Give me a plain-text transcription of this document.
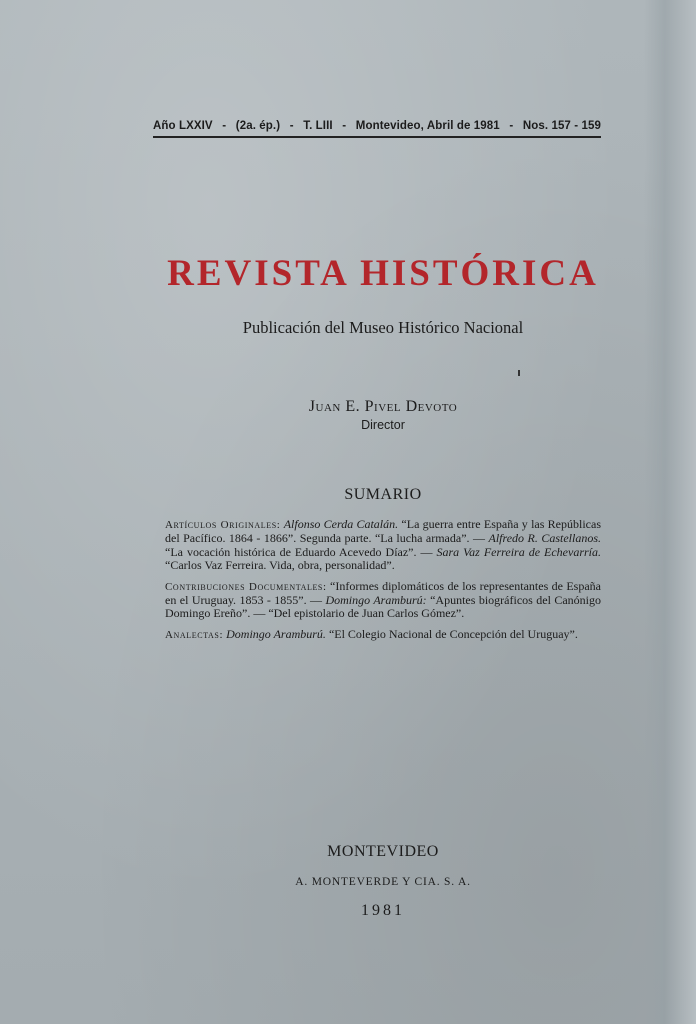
Año LXXIV - (2a. ép.) - T. LIII - Montevideo, Abril de 1981 - Nos. 157 - 159
REVISTA HISTÓRICA
Publicación del Museo Histórico Nacional
Juan E. Pivel Devoto
Director
SUMARIO

Artículos Originales: Alfonso Cerda Catalán. “La guerra entre España y las Repúblicas del Pacífico. 1864 - 1866”. Segunda parte. “La lucha armada”. — Alfredo R. Castellanos. “La vocación histórica de Eduardo Acevedo Díaz”. — Sara Vaz Ferreira de Echevarría. “Carlos Vaz Ferreira. Vida, obra, personalidad”.

Contribuciones Documentales: “Informes diplomáticos de los representantes de España en el Uruguay. 1853 - 1855”. — Domingo Aramburú: “Apuntes biográficos del Canónigo Domingo Ereño”. — “Del epistolario de Juan Carlos Gómez”.

Analectas: Domingo Aramburú. “El Colegio Nacional de Concepción del Uruguay”.

MONTEVIDEO
A. MONTEVERDE Y CIA. S. A.
1981
